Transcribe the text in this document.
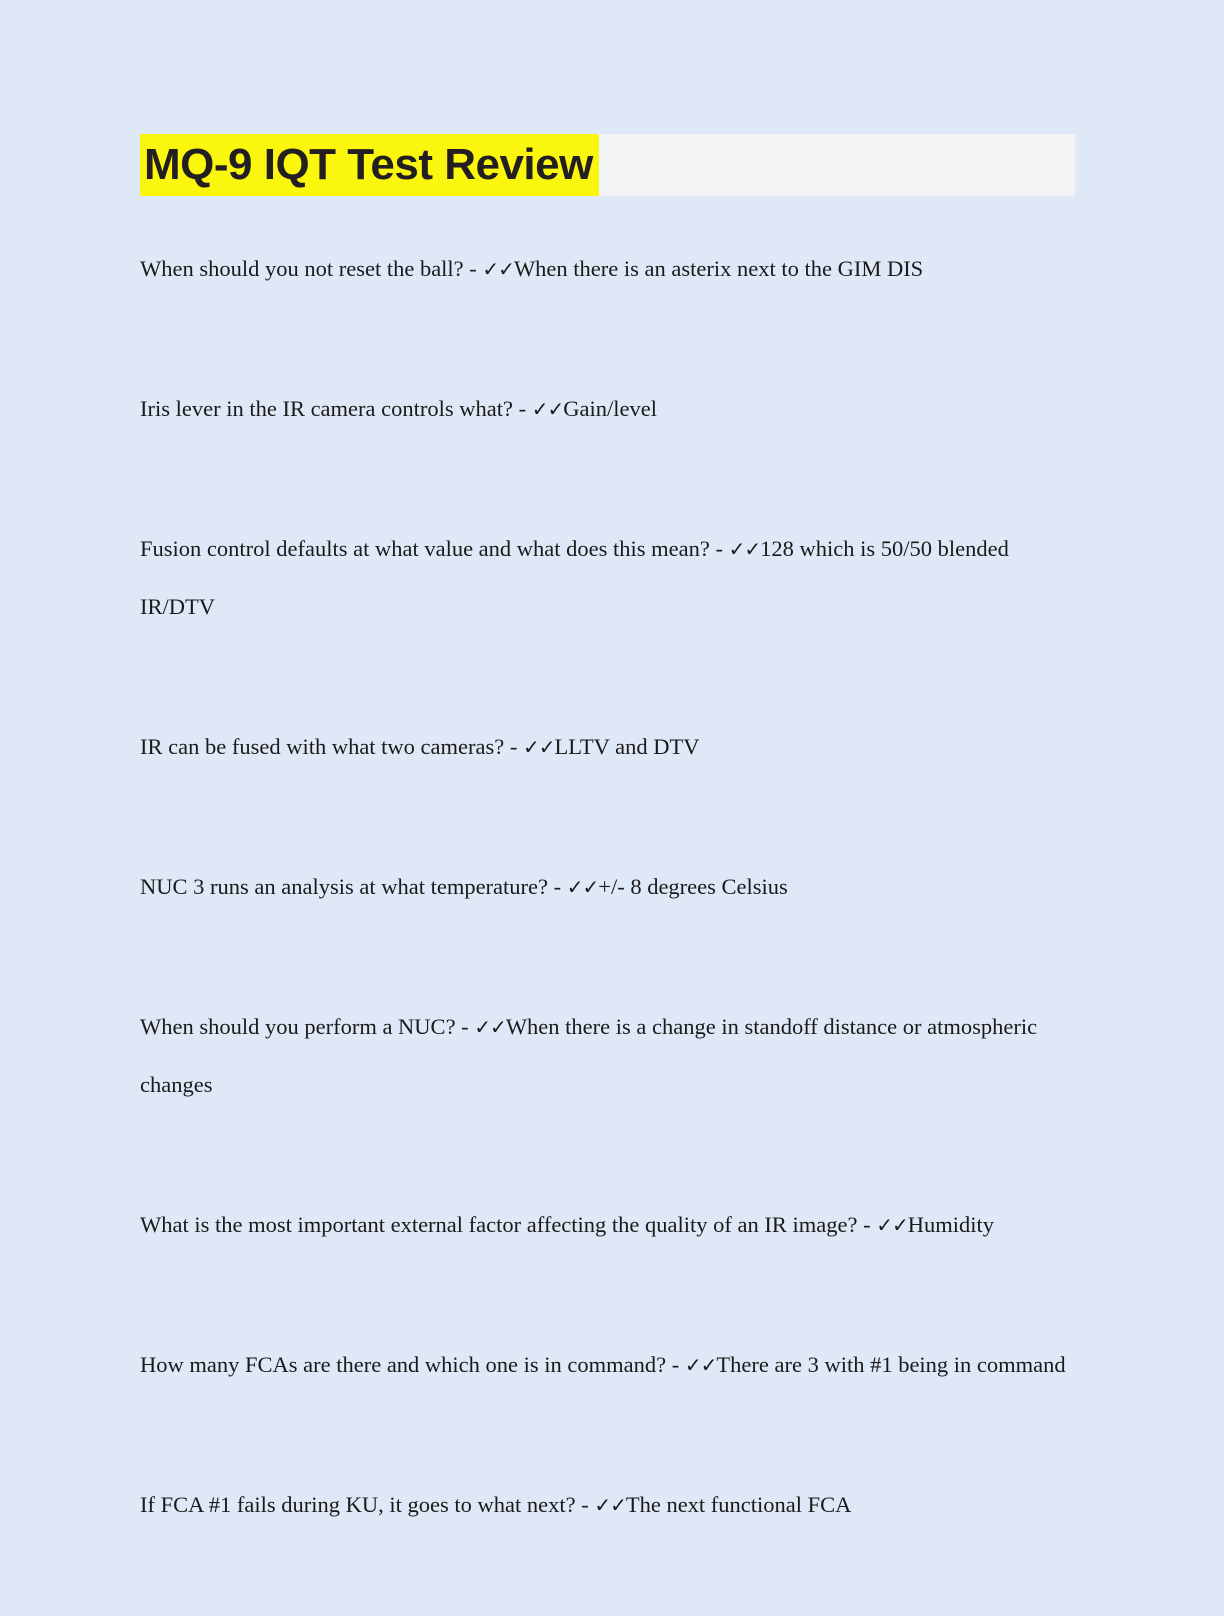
MQ-9 IQT Test Review
When should you not reset the ball? - ✓✓When there is an asterix next to the GIM DIS
Iris lever in the IR camera controls what? - ✓✓Gain/level
Fusion control defaults at what value and what does this mean? - ✓✓128 which is 50/50 blended IR/DTV
IR can be fused with what two cameras? - ✓✓LLTV and DTV
NUC 3 runs an analysis at what temperature? - ✓✓+/- 8 degrees Celsius
When should you perform a NUC? - ✓✓When there is a change in standoff distance or atmospheric changes
What is the most important external factor affecting the quality of an IR image? - ✓✓Humidity
How many FCAs are there and which one is in command? - ✓✓There are 3 with #1 being in command
If FCA #1 fails during KU, it goes to what next? - ✓✓The next functional FCA
